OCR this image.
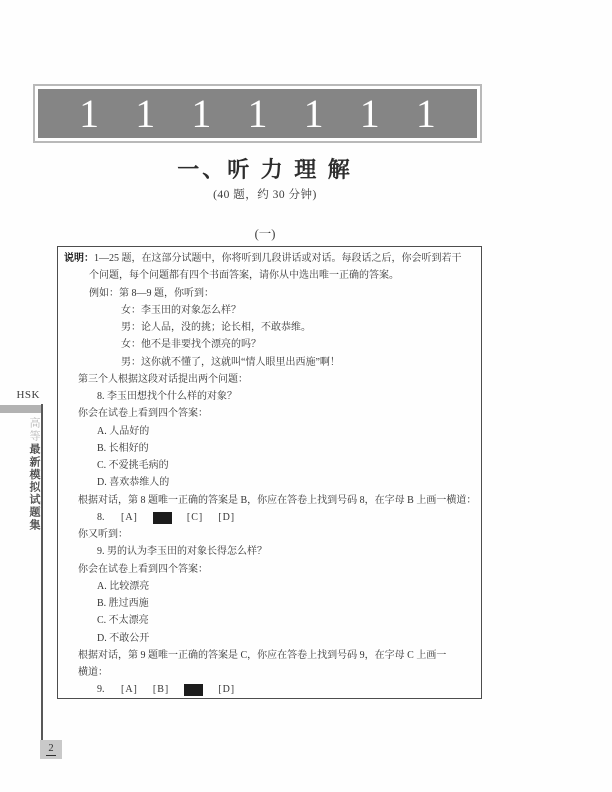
1 1 1 1 1 1 1
一、听 力 理 解
(40 题，约 30 分钟)
(一)
说明：1—25 题，在这部分试题中，你将听到几段讲话或对话。每段话之后，你会听到若干
个问题，每个问题都有四个书面答案，请你从中选出唯一正确的答案。
例如：第 8—9 题，你听到：
女：李玉田的对象怎么样？
男：论人品，没的挑；论长相，不敢恭维。
女：他不是非要找个漂亮的吗？
男：这你就不懂了，这就叫“情人眼里出西施”啊！
第三个人根据这段对话提出两个问题：
8. 李玉田想找个什么样的对象？
你会在试卷上看到四个答案：
A. 人品好的
B. 长相好的
C. 不爱挑毛病的
D. 喜欢恭维人的
根据对话，第 8 题唯一正确的答案是 B，你应在答卷上找到号码 8，在字母 B 上画一横道：
8.	[A]	[C] [D]
你又听到：
9. 男的认为李玉田的对象长得怎么样？
你会在试卷上看到四个答案：
A. 比较漂亮
B. 胜过西施
C. 不太漂亮
D. 不敢公开
根据对话，第 9 题唯一正确的答案是 C，你应在答卷上找到号码 9，在字母 C 上画一
横道：
9.	[A] [B]	[D]
HSK
高等
最新模拟试题集
2
